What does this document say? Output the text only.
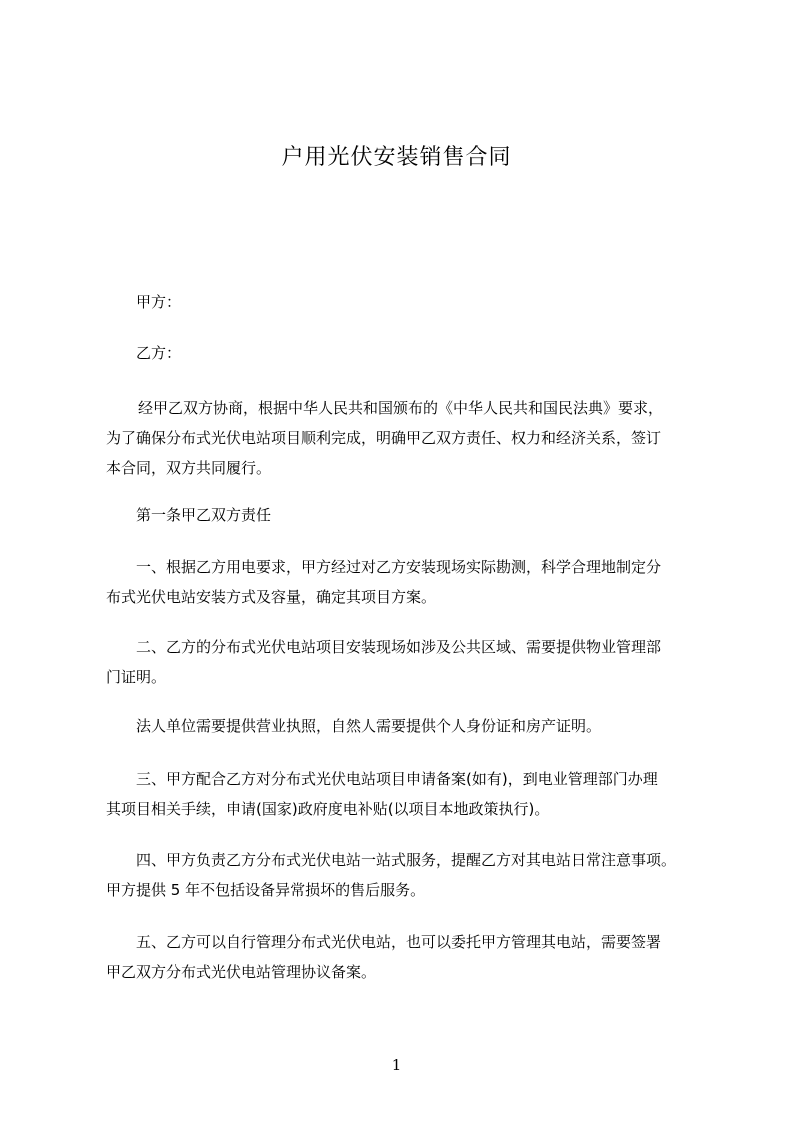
户用光伏安装销售合同

甲方：

乙方：

经甲乙双方协商，根据中华人民共和国颁布的《中华人民共和国民法典》要求，
为了确保分布式光伏电站项目顺利完成，明确甲乙双方责任、权力和经济关系，签订
本合同，双方共同履行。

第一条甲乙双方责任

一、根据乙方用电要求，甲方经过对乙方安装现场实际勘测，科学合理地制定分
布式光伏电站安装方式及容量，确定其项目方案。
二、乙方的分布式光伏电站项目安装现场如涉及公共区域、需要提供物业管理部
门证明。

法人单位需要提供营业执照，自然人需要提供个人身份证和房产证明。

三、甲方配合乙方对分布式光伏电站项目申请备案(如有)，到电业管理部门办理
其项目相关手续，申请(国家)政府度电补贴(以项目本地政策执行)。
四、甲方负责乙方分布式光伏电站一站式服务，提醒乙方对其电站日常注意事项。
甲方提供 5 年不包括设备异常损坏的售后服务。
五、乙方可以自行管理分布式光伏电站，也可以委托甲方管理其电站，需要签署
甲乙双方分布式光伏电站管理协议备案。
1
